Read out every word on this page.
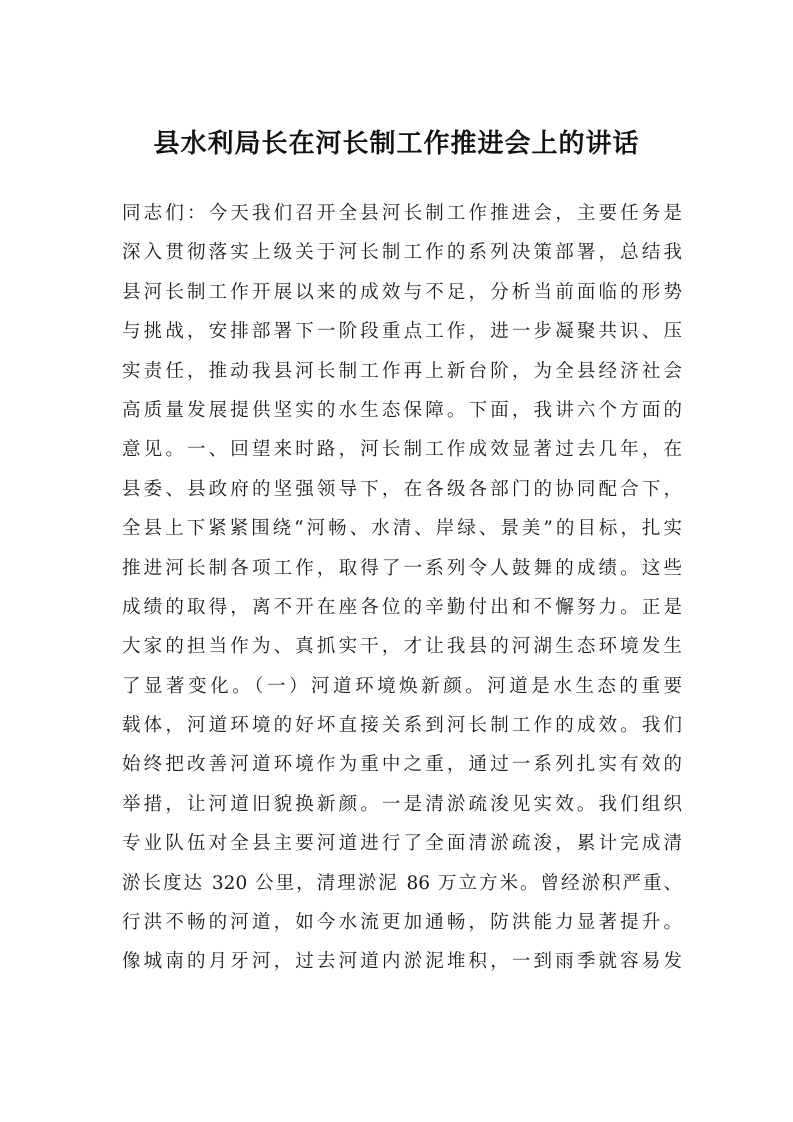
县水利局长在河长制工作推进会上的讲话
同志们：今天我们召开全县河长制工作推进会，主要任务是
深入贯彻落实上级关于河长制工作的系列决策部署，总结我
县河长制工作开展以来的成效与不足，分析当前面临的形势
与挑战，安排部署下一阶段重点工作，进一步凝聚共识、压
实责任，推动我县河长制工作再上新台阶，为全县经济社会
高质量发展提供坚实的水生态保障。下面，我讲六个方面的
意见。一、回望来时路，河长制工作成效显著过去几年，在
县委、县政府的坚强领导下，在各级各部门的协同配合下，
全县上下紧紧围绕“河畅、水清、岸绿、景美”的目标，扎实
推进河长制各项工作，取得了一系列令人鼓舞的成绩。这些
成绩的取得，离不开在座各位的辛勤付出和不懈努力。正是
大家的担当作为、真抓实干，才让我县的河湖生态环境发生
了显著变化。（一）河道环境焕新颜。河道是水生态的重要
载体，河道环境的好坏直接关系到河长制工作的成效。我们
始终把改善河道环境作为重中之重，通过一系列扎实有效的
举措，让河道旧貌换新颜。一是清淤疏浚见实效。我们组织
专业队伍对全县主要河道进行了全面清淤疏浚，累计完成清
淤长度达 320 公里，清理淤泥 86 万立方米。曾经淤积严重、
行洪不畅的河道，如今水流更加通畅，防洪能力显著提升。
像城南的月牙河，过去河道内淤泥堆积，一到雨季就容易发
